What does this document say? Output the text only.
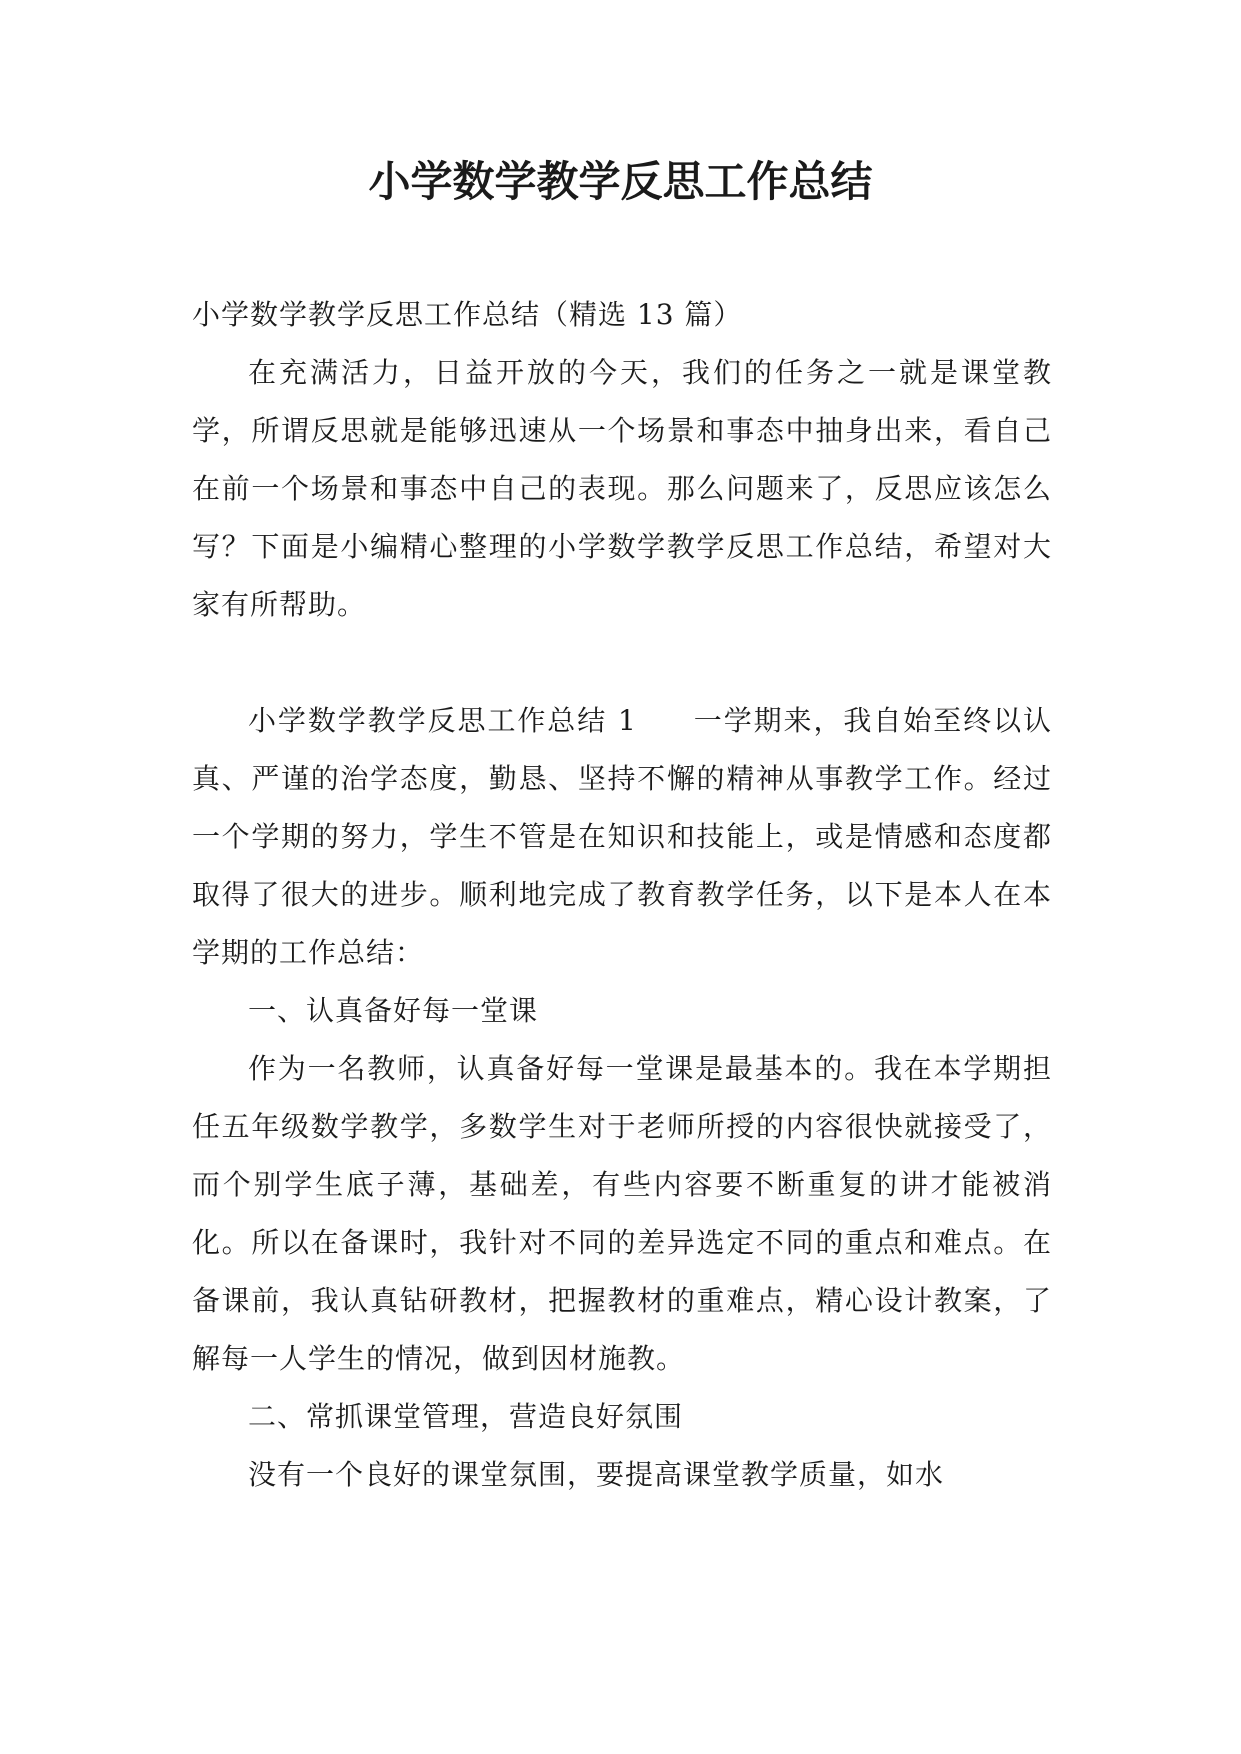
小学数学教学反思工作总结

小学数学教学反思工作总结（精选 13 篇）

在充满活力，日益开放的今天，我们的任务之一就是课堂教学，所谓反思就是能够迅速从一个场景和事态中抽身出来，看自己在前一个场景和事态中自己的表现。那么问题来了，反思应该怎么写？下面是小编精心整理的小学数学教学反思工作总结，希望对大家有所帮助。

小学数学教学反思工作总结 1 一学期来，我自始至终以认真、严谨的治学态度，勤恳、坚持不懈的精神从事教学工作。经过一个学期的努力，学生不管是在知识和技能上，或是情感和态度都取得了很大的进步。顺利地完成了教育教学任务，以下是本人在本学期的工作总结：

一、认真备好每一堂课

作为一名教师，认真备好每一堂课是最基本的。我在本学期担任五年级数学教学，多数学生对于老师所授的内容很快就接受了，而个别学生底子薄，基础差，有些内容要不断重复的讲才能被消化。所以在备课时，我针对不同的差异选定不同的重点和难点。在备课前，我认真钻研教材，把握教材的重难点，精心设计教案，了解每一人学生的情况，做到因材施教。

二、常抓课堂管理，营造良好氛围

没有一个良好的课堂氛围，要提高课堂教学质量，如水
